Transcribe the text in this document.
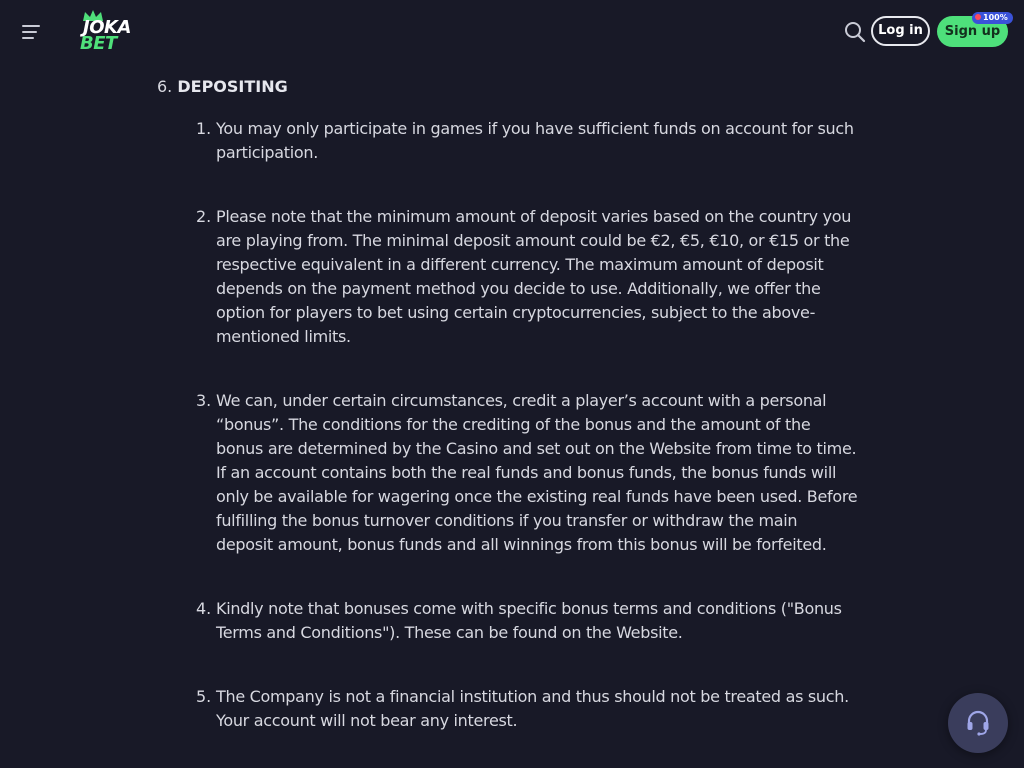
JOKA
BET
Log in	Sign up
100%
6. DEPOSITING
1. You may only participate in games if you have sufficient funds on account for such
participation.
2. Please note that the minimum amount of deposit varies based on the country you
are playing from. The minimal deposit amount could be €2, €5, €10, or €15 or the
respective equivalent in a different currency. The maximum amount of deposit
depends on the payment method you decide to use. Additionally, we offer the
option for players to bet using certain cryptocurrencies, subject to the above-
mentioned limits.
3. We can, under certain circumstances, credit a player’s account with a personal
“bonus”. The conditions for the crediting of the bonus and the amount of the
bonus are determined by the Casino and set out on the Website from time to time.
If an account contains both the real funds and bonus funds, the bonus funds will
only be available for wagering once the existing real funds have been used. Before
fulfilling the bonus turnover conditions if you transfer or withdraw the main
deposit amount, bonus funds and all winnings from this bonus will be forfeited.
4. Kindly note that bonuses come with specific bonus terms and conditions ("Bonus
Terms and Conditions"). These can be found on the Website.
5. The Company is not a financial institution and thus should not be treated as such.
Your account will not bear any interest.
